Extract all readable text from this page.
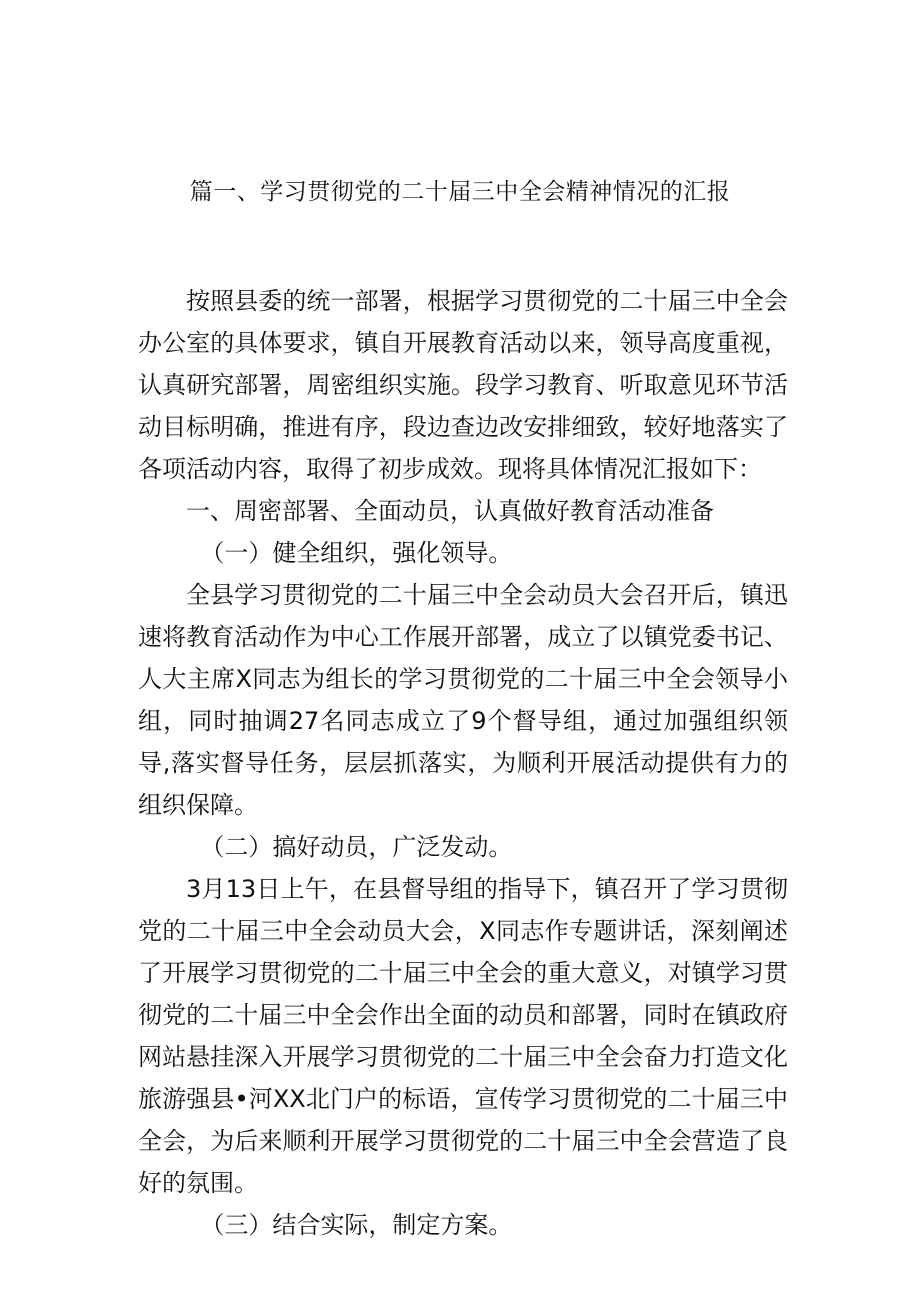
篇一、学习贯彻党的二十届三中全会精神情况的汇报

按照县委的统一部署，根据学习贯彻党的二十届三中全会办公室的具体要求，镇自开展教育活动以来，领导高度重视，认真研究部署，周密组织实施。段学习教育、听取意见环节活动目标明确，推进有序，段边查边改安排细致，较好地落实了各项活动内容，取得了初步成效。现将具体情况汇报如下：

一、周密部署、全面动员，认真做好教育活动准备

（一）健全组织，强化领导。

全县学习贯彻党的二十届三中全会动员大会召开后，镇迅速将教育活动作为中心工作展开部署，成立了以镇党委书记、人大主席X同志为组长的学习贯彻党的二十届三中全会领导小组，同时抽调27名同志成立了9个督导组，通过加强组织领导,落实督导任务，层层抓落实，为顺利开展活动提供有力的组织保障。

（二）搞好动员，广泛发动。

3月13日上午，在县督导组的指导下，镇召开了学习贯彻党的二十届三中全会动员大会，X同志作专题讲话，深刻阐述了开展学习贯彻党的二十届三中全会的重大意义，对镇学习贯彻党的二十届三中全会作出全面的动员和部署，同时在镇政府网站悬挂深入开展学习贯彻党的二十届三中全会奋力打造文化旅游强县•河XX北门户的标语，宣传学习贯彻党的二十届三中全会，为后来顺利开展学习贯彻党的二十届三中全会营造了良好的氛围。

（三）结合实际，制定方案。
